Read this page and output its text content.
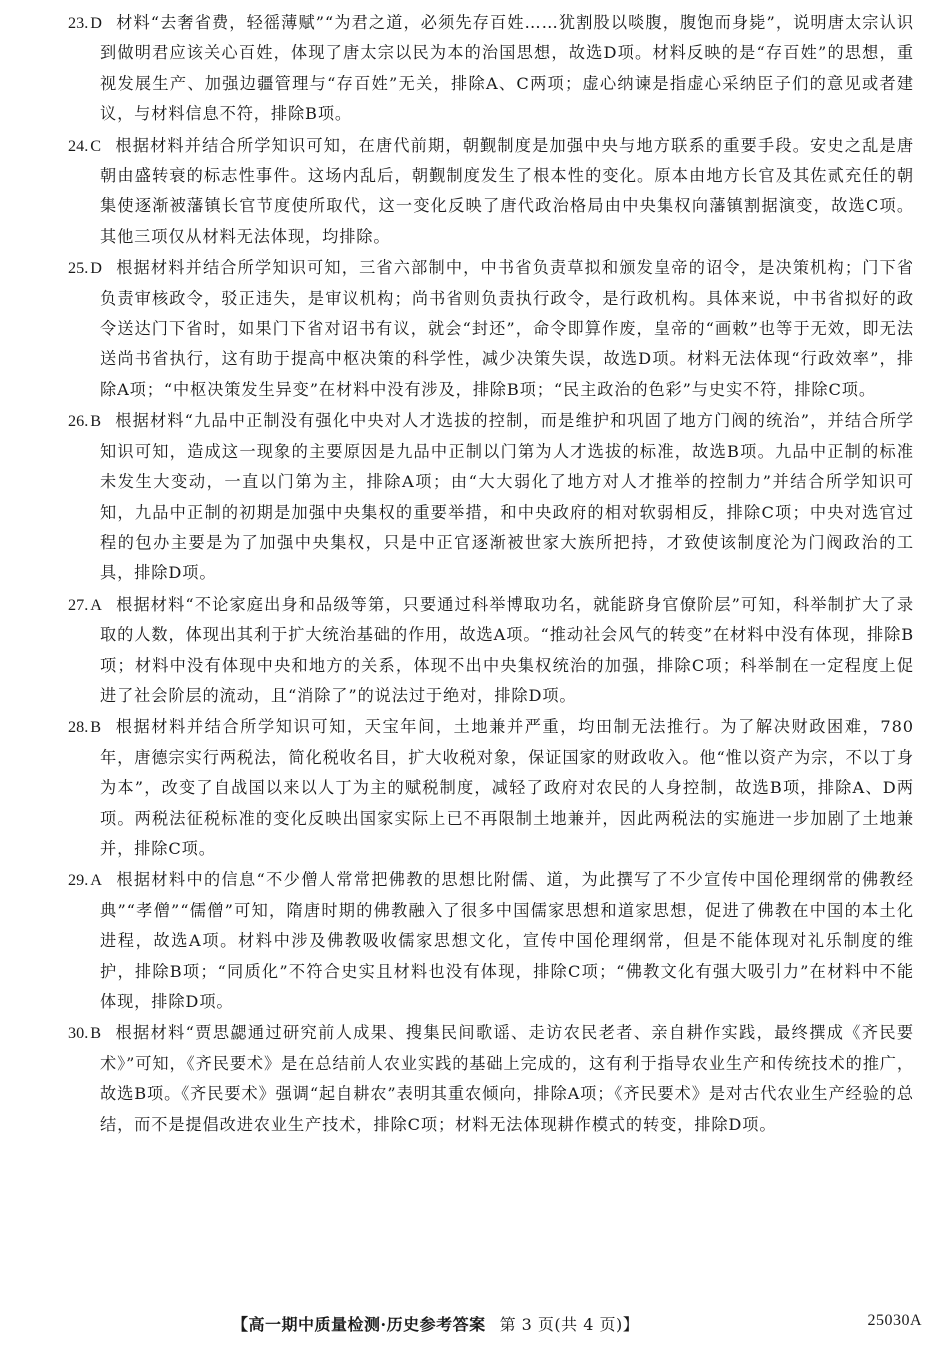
23. D 材料“去奢省费，轻徭薄赋”“为君之道，必须先存百姓……犹割股以啖腹，腹饱而身毙”，说明唐太宗认识到做明君应该关心百姓，体现了唐太宗以民为本的治国思想，故选D项。材料反映的是“存百姓”的思想，重视发展生产、加强边疆管理与“存百姓”无关，排除A、C两项；虚心纳谏是指虚心采纳臣子们的意见或者建议，与材料信息不符，排除B项。

24. C 根据材料并结合所学知识可知，在唐代前期，朝觐制度是加强中央与地方联系的重要手段。安史之乱是唐朝由盛转衰的标志性事件。这场内乱后，朝觐制度发生了根本性的变化。原本由地方长官及其佐贰充任的朝集使逐渐被藩镇长官节度使所取代，这一变化反映了唐代政治格局由中央集权向藩镇割据演变，故选C项。其他三项仅从材料无法体现，均排除。

25. D 根据材料并结合所学知识可知，三省六部制中，中书省负责草拟和颁发皇帝的诏令，是决策机构；门下省负责审核政令，驳正违失，是审议机构；尚书省则负责执行政令，是行政机构。具体来说，中书省拟好的政令送达门下省时，如果门下省对诏书有议，就会“封还”，命令即算作废，皇帝的“画敕”也等于无效，即无法送尚书省执行，这有助于提高中枢决策的科学性，减少决策失误，故选D项。材料无法体现“行政效率”，排除A项；“中枢决策发生异变”在材料中没有涉及，排除B项；“民主政治的色彩”与史实不符，排除C项。

26. B 根据材料“九品中正制没有强化中央对人才选拔的控制，而是维护和巩固了地方门阀的统治”，并结合所学知识可知，造成这一现象的主要原因是九品中正制以门第为人才选拔的标准，故选B项。九品中正制的标准未发生大变动，一直以门第为主，排除A项；由“大大弱化了地方对人才推举的控制力”并结合所学知识可知，九品中正制的初期是加强中央集权的重要举措，和中央政府的相对软弱相反，排除C项；中央对选官过程的包办主要是为了加强中央集权，只是中正官逐渐被世家大族所把持，才致使该制度沦为门阀政治的工具，排除D项。

27. A 根据材料“不论家庭出身和品级等第，只要通过科举博取功名，就能跻身官僚阶层”可知，科举制扩大了录取的人数，体现出其利于扩大统治基础的作用，故选A项。“推动社会风气的转变”在材料中没有体现，排除B项；材料中没有体现中央和地方的关系，体现不出中央集权统治的加强，排除C项；科举制在一定程度上促进了社会阶层的流动，且“消除了”的说法过于绝对，排除D项。

28. B 根据材料并结合所学知识可知，天宝年间，土地兼并严重，均田制无法推行。为了解决财政困难，780年，唐德宗实行两税法，简化税收名目，扩大收税对象，保证国家的财政收入。他“惟以资产为宗，不以丁身为本”，改变了自战国以来以人丁为主的赋税制度，减轻了政府对农民的人身控制，故选B项，排除A、D两项。两税法征税标准的变化反映出国家实际上已不再限制土地兼并，因此两税法的实施进一步加剧了土地兼并，排除C项。

29. A 根据材料中的信息“不少僧人常常把佛教的思想比附儒、道，为此撰写了不少宣传中国伦理纲常的佛教经典”“孝僧”“儒僧”可知，隋唐时期的佛教融入了很多中国儒家思想和道家思想，促进了佛教在中国的本土化进程，故选A项。材料中涉及佛教吸收儒家思想文化，宣传中国伦理纲常，但是不能体现对礼乐制度的维护，排除B项；“同质化”不符合史实且材料也没有体现，排除C项；“佛教文化有强大吸引力”在材料中不能体现，排除D项。

30. B 根据材料“贾思勰通过研究前人成果、搜集民间歌谣、走访农民老者、亲自耕作实践，最终撰成《齐民要术》”可知，《齐民要术》是在总结前人农业实践的基础上完成的，这有利于指导农业生产和传统技术的推广，故选B项。《齐民要术》强调“起自耕农”表明其重农倾向，排除A项；《齐民要术》是对古代农业生产经验的总结，而不是提倡改进农业生产技术，排除C项；材料无法体现耕作模式的转变，排除D项。

【高一期中质量检测·历史参考答案 第 3 页(共 4 页)】	25030A
